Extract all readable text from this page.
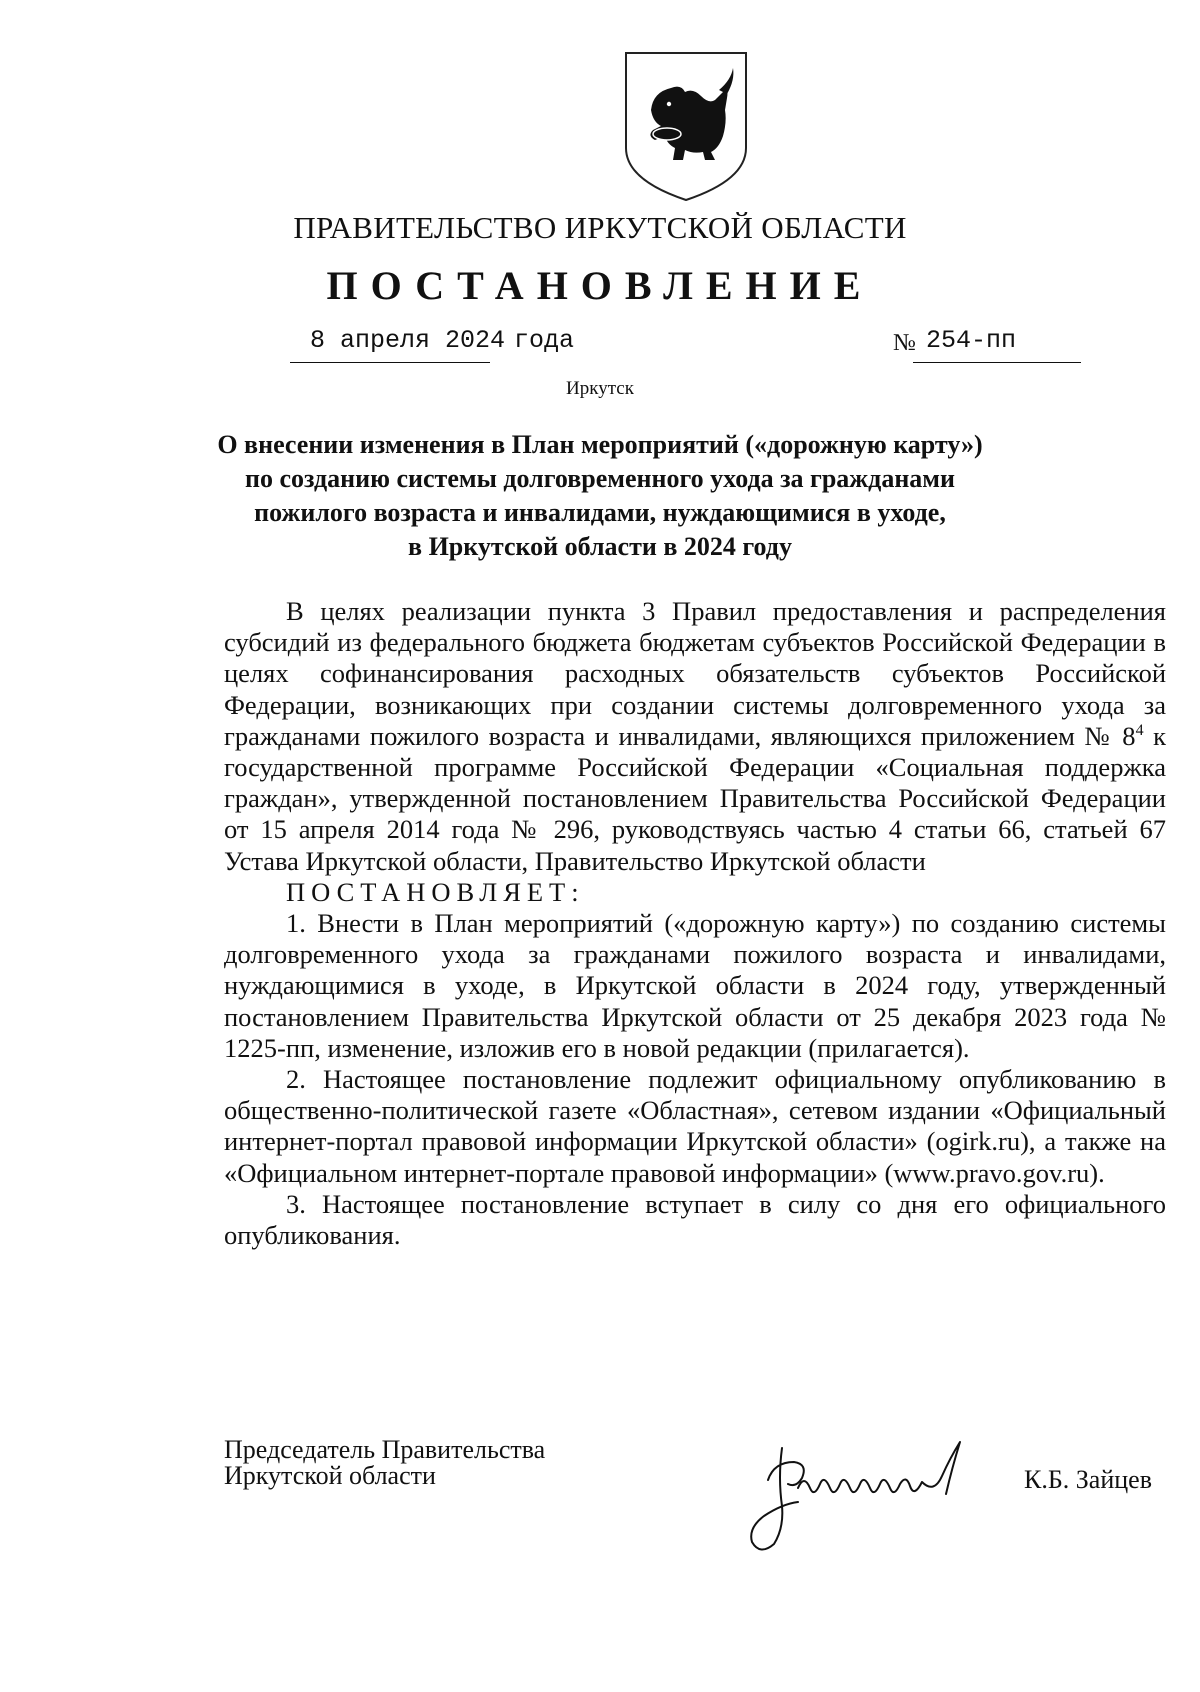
ПРАВИТЕЛЬСТВО ИРКУТСКОЙ ОБЛАСТИ
ПОСТАНОВЛЕНИЕ
8 апреля 2024 года	№ 254-пп
Иркутск
О внесении изменения в План мероприятий («дорожную карту»)
по созданию системы долговременного ухода за гражданами
пожилого возраста и инвалидами, нуждающимися в уходе,
в Иркутской области в 2024 году

В целях реализации пункта 3 Правил предоставления и распределения субсидий из федерального бюджета бюджетам субъектов Российской Федерации в целях софинансирования расходных обязательств субъектов Российской Федерации, возникающих при создании системы долговременного ухода за гражданами пожилого возраста и инвалидами, являющихся приложением № $8^4$ к государственной программе Российской Федерации «Социальная поддержка граждан», утвержденной постановлением Правительства Российской Федерации от 15 апреля 2014 года № 296, руководствуясь частью 4 статьи 66, статьей 67 Устава Иркутской области, Правительство Иркутской области

ПОСТАНОВЛЯЕТ:

1. Внести в План мероприятий («дорожную карту») по созданию системы долговременного ухода за гражданами пожилого возраста и инвалидами, нуждающимися в уходе, в Иркутской области в 2024 году, утвержденный постановлением Правительства Иркутской области от 25 декабря 2023 года № 1225-пп, изменение, изложив его в новой редакции (прилагается).

2. Настоящее постановление подлежит официальному опубликованию в общественно-политической газете «Областная», сетевом издании «Официальный интернет-портал правовой информации Иркутской области» (ogirk.ru), а также на «Официальном интернет-портале правовой информации» (www.pravo.gov.ru).

3. Настоящее постановление вступает в силу со дня его официального опубликования.

Председатель Правительства
Иркутской области	К.Б. Зайцев
